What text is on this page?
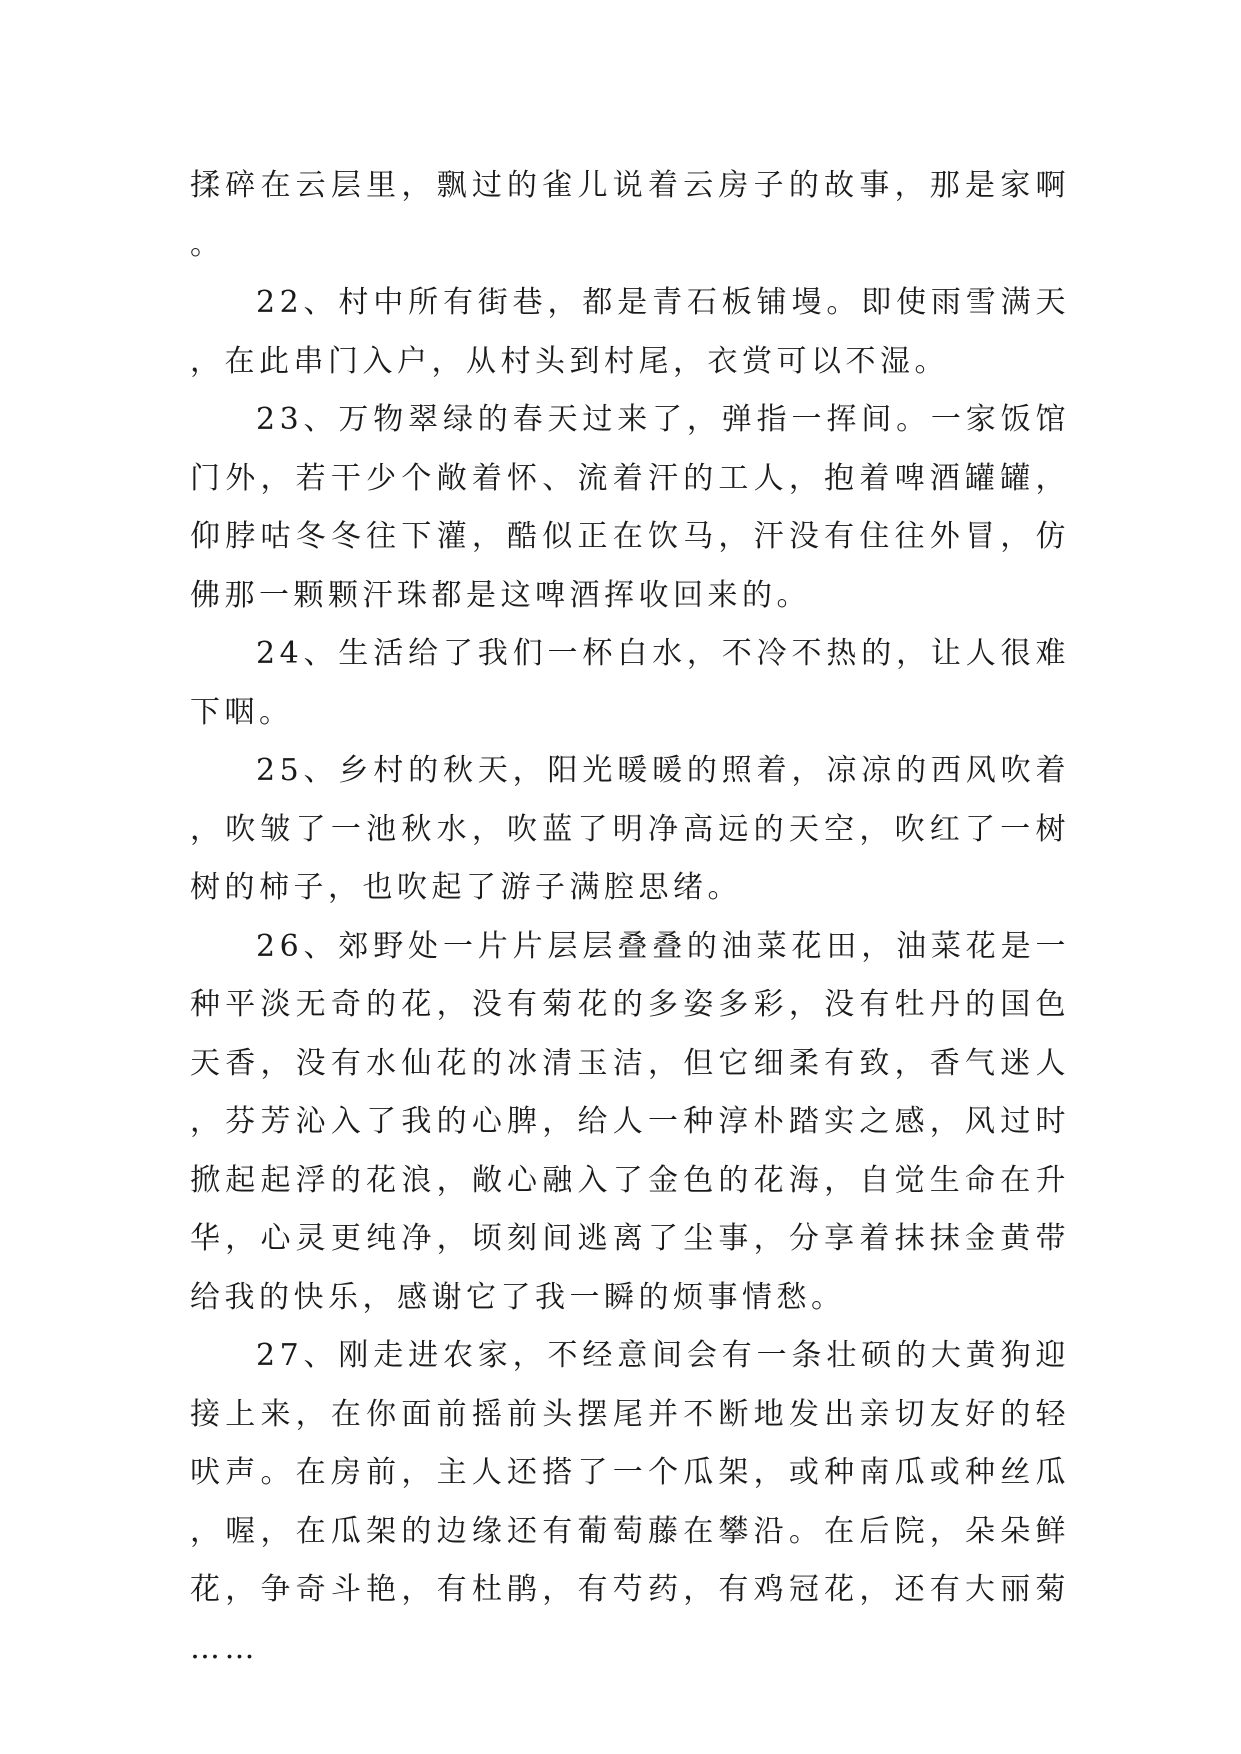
揉碎在云层里，飘过的雀儿说着云房子的故事，那是家啊。

22、村中所有街巷，都是青石板铺墁。即使雨雪满天，在此串门入户，从村头到村尾，衣赏可以不湿。

23、万物翠绿的春天过来了，弹指一挥间。一家饭馆门外，若干少个敞着怀、流着汗的工人，抱着啤酒罐罐，仰脖咕冬冬往下灌，酷似正在饮马，汗没有住往外冒，仿佛那一颗颗汗珠都是这啤酒挥收回来的。

24、生活给了我们一杯白水，不冷不热的，让人很难下咽。

25、乡村的秋天，阳光暖暖的照着，凉凉的西风吹着，吹皱了一池秋水，吹蓝了明净高远的天空，吹红了一树树的柿子，也吹起了游子满腔思绪。

26、郊野处一片片层层叠叠的油菜花田，油菜花是一种平淡无奇的花，没有菊花的多姿多彩，没有牡丹的国色天香，没有水仙花的冰清玉洁，但它细柔有致，香气迷人，芬芳沁入了我的心脾，给人一种淳朴踏实之感，风过时掀起起浮的花浪，敞心融入了金色的花海，自觉生命在升华，心灵更纯净，顷刻间逃离了尘事，分享着抹抹金黄带给我的快乐，感谢它了我一瞬的烦事情愁。

27、刚走进农家，不经意间会有一条壮硕的大黄狗迎接上来，在你面前摇前头摆尾并不断地发出亲切友好的轻吠声。在房前，主人还搭了一个瓜架，或种南瓜或种丝瓜，喔，在瓜架的边缘还有葡萄藤在攀沿。在后院，朵朵鲜花，争奇斗艳，有杜鹃，有芍药，有鸡冠花，还有大丽菊……
